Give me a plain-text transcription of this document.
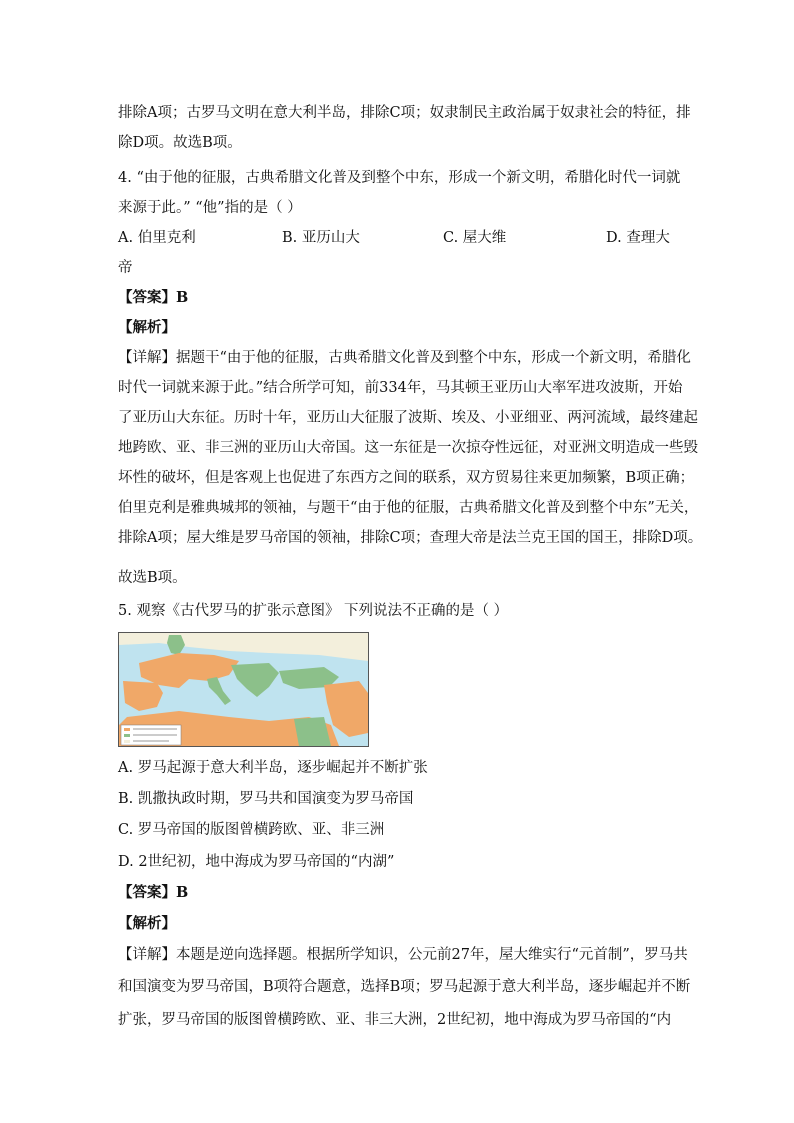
排除A项；古罗马文明在意大利半岛，排除C项；奴隶制民主政治属于奴隶社会的特征，排
除D项。故选B项。
4. “由于他的征服，古典希腊文化普及到整个中东，形成一个新文明，希腊化时代一词就
来源于此。” “他”指的是（ ）
A. 伯里克利	B. 亚历山大	C. 屋大维	D. 查理大
帝
【答案】B
【解析】
【详解】据题干“由于他的征服，古典希腊文化普及到整个中东，形成一个新文明，希腊化
时代一词就来源于此。”结合所学可知，前334年，马其顿王亚历山大率军进攻波斯，开始
了亚历山大东征。历时十年，亚历山大征服了波斯、埃及、小亚细亚、两河流域，最终建起
地跨欧、亚、非三洲的亚历山大帝国。这一东征是一次掠夺性远征，对亚洲文明造成一些毁
坏性的破坏，但是客观上也促进了东西方之间的联系，双方贸易往来更加频繁，B项正确；
伯里克利是雅典城邦的领袖，与题干“由于他的征服，古典希腊文化普及到整个中东”无关，
排除A项；屋大维是罗马帝国的领袖，排除C项；查理大帝是法兰克王国的国王，排除D项。
故选B项。
5. 观察《古代罗马的扩张示意图》 下列说法不正确的是（ ）
A. 罗马起源于意大利半岛，逐步崛起并不断扩张
B. 凯撒执政时期，罗马共和国演变为罗马帝国
C. 罗马帝国的版图曾横跨欧、亚、非三洲
D. 2世纪初，地中海成为罗马帝国的“内湖”
【答案】B
【解析】
【详解】本题是逆向选择题。根据所学知识，公元前27年，屋大维实行“元首制”，罗马共
和国演变为罗马帝国，B项符合题意，选择B项；罗马起源于意大利半岛，逐步崛起并不断
扩张，罗马帝国的版图曾横跨欧、亚、非三大洲，2世纪初，地中海成为罗马帝国的“内
